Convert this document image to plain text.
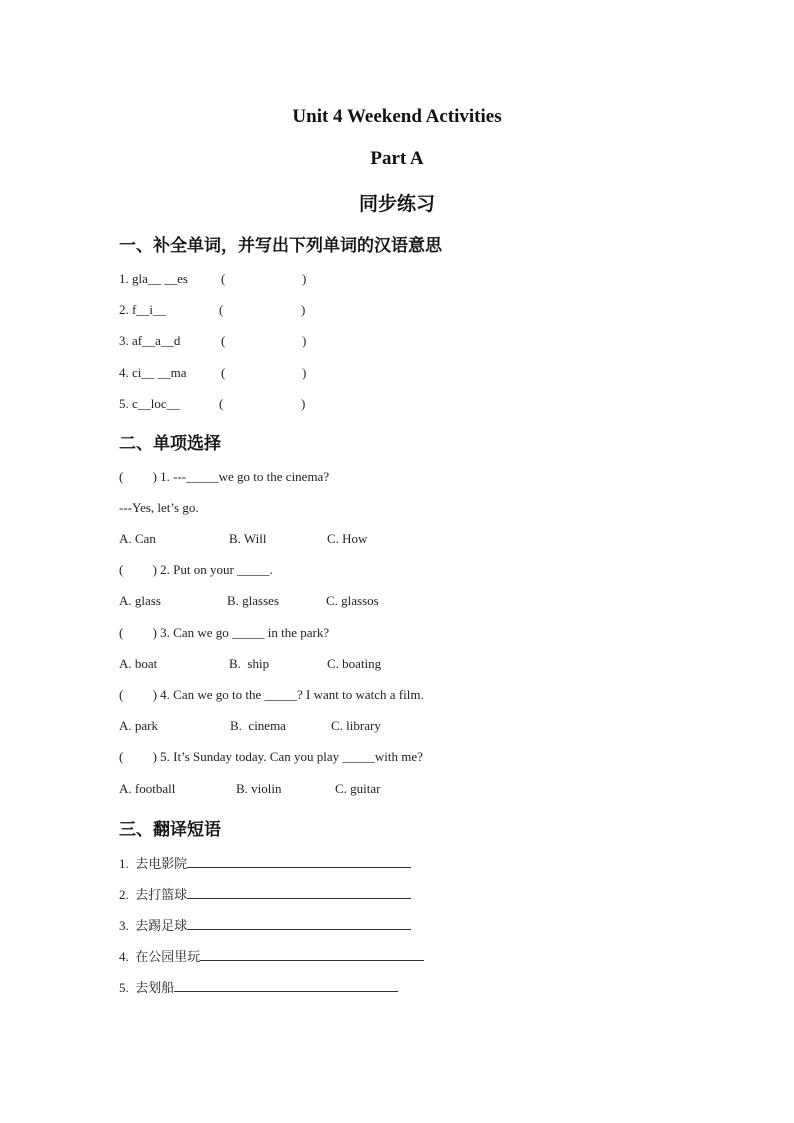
Unit 4 Weekend Activities
Part A
同步练习
一、补全单词，并写出下列单词的汉语意思
1. gla__ __es	(	)
2. f__i__	(	)
3. af__a__d	(	)
4. ci__ __ma	(	)
5. c__loc__	(	)
二、单项选择
(         ) 1. ---_____we go to the cinema?
---Yes, let’s go.
A. Can	B. Will	C. How
(         ) 2. Put on your _____.
A. glass	B. glasses	C. glassos
(         ) 3. Can we go _____ in the park?
A. boat	B.  ship	C. boating
(         ) 4. Can we go to the _____? I want to watch a film.
A. park	B.  cinema	C. library
(         ) 5. It’s Sunday today. Can you play _____with me?
A. football	B. violin	C. guitar
三、翻译短语
1. 去电影院
2. 去打篮球
3. 去踢足球
4. 在公园里玩
5. 去划船
